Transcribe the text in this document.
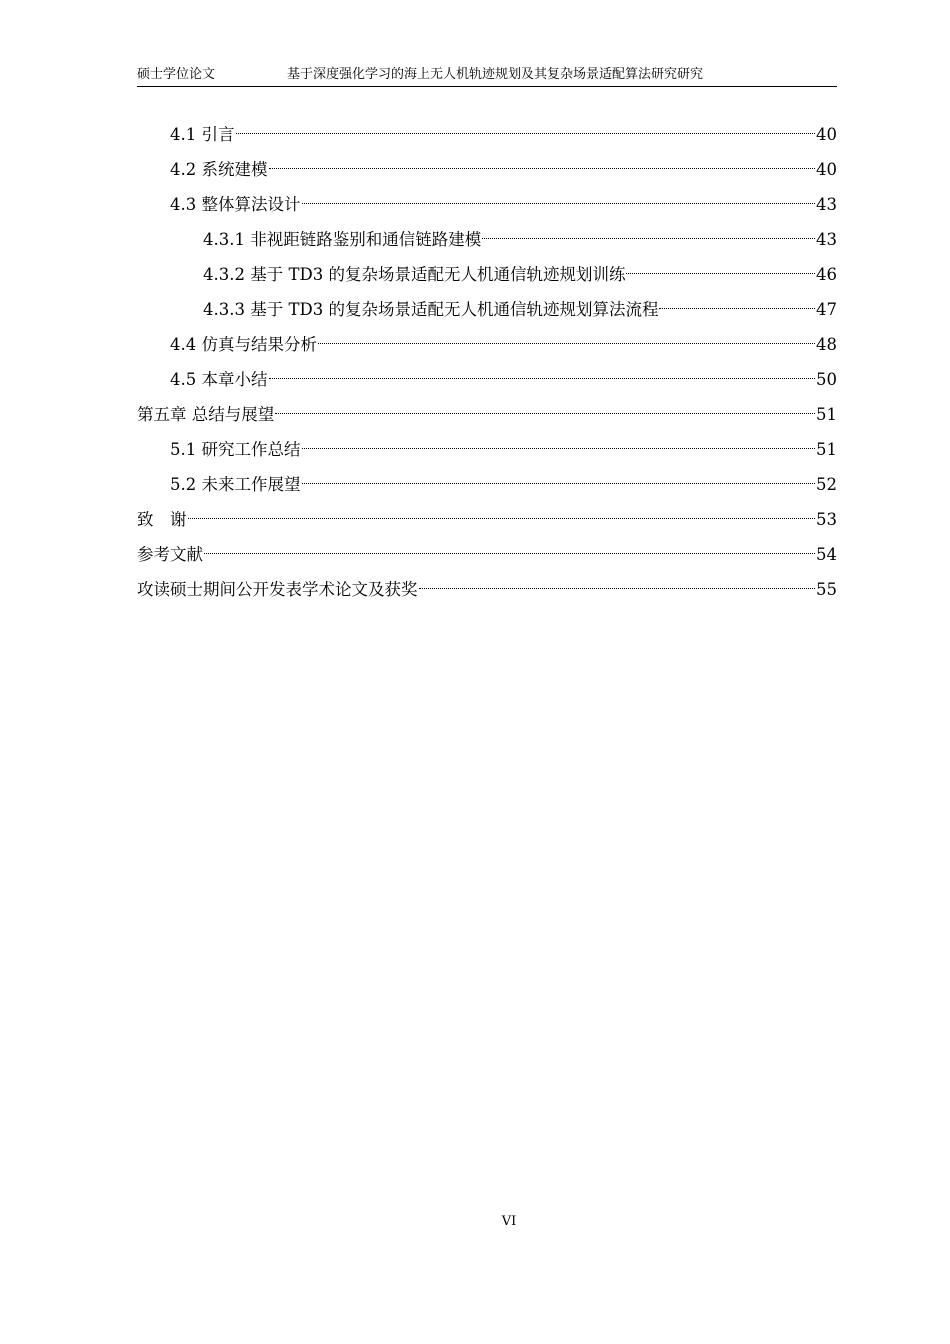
硕士学位论文	基于深度强化学习的海上无人机轨迹规划及其复杂场景适配算法研究研究
4.1 引言	40
4.2 系统建模	40
4.3 整体算法设计	43
4.3.1 非视距链路鉴别和通信链路建模	43
4.3.2 基于 TD3 的复杂场景适配无人机通信轨迹规划训练	46
4.3.3 基于 TD3 的复杂场景适配无人机通信轨迹规划算法流程	47
4.4 仿真与结果分析	48
4.5 本章小结	50
第五章 总结与展望	51
5.1 研究工作总结	51
5.2 未来工作展望	52
致　谢	53
参考文献	54
攻读硕士期间公开发表学术论文及获奖	55
VI
